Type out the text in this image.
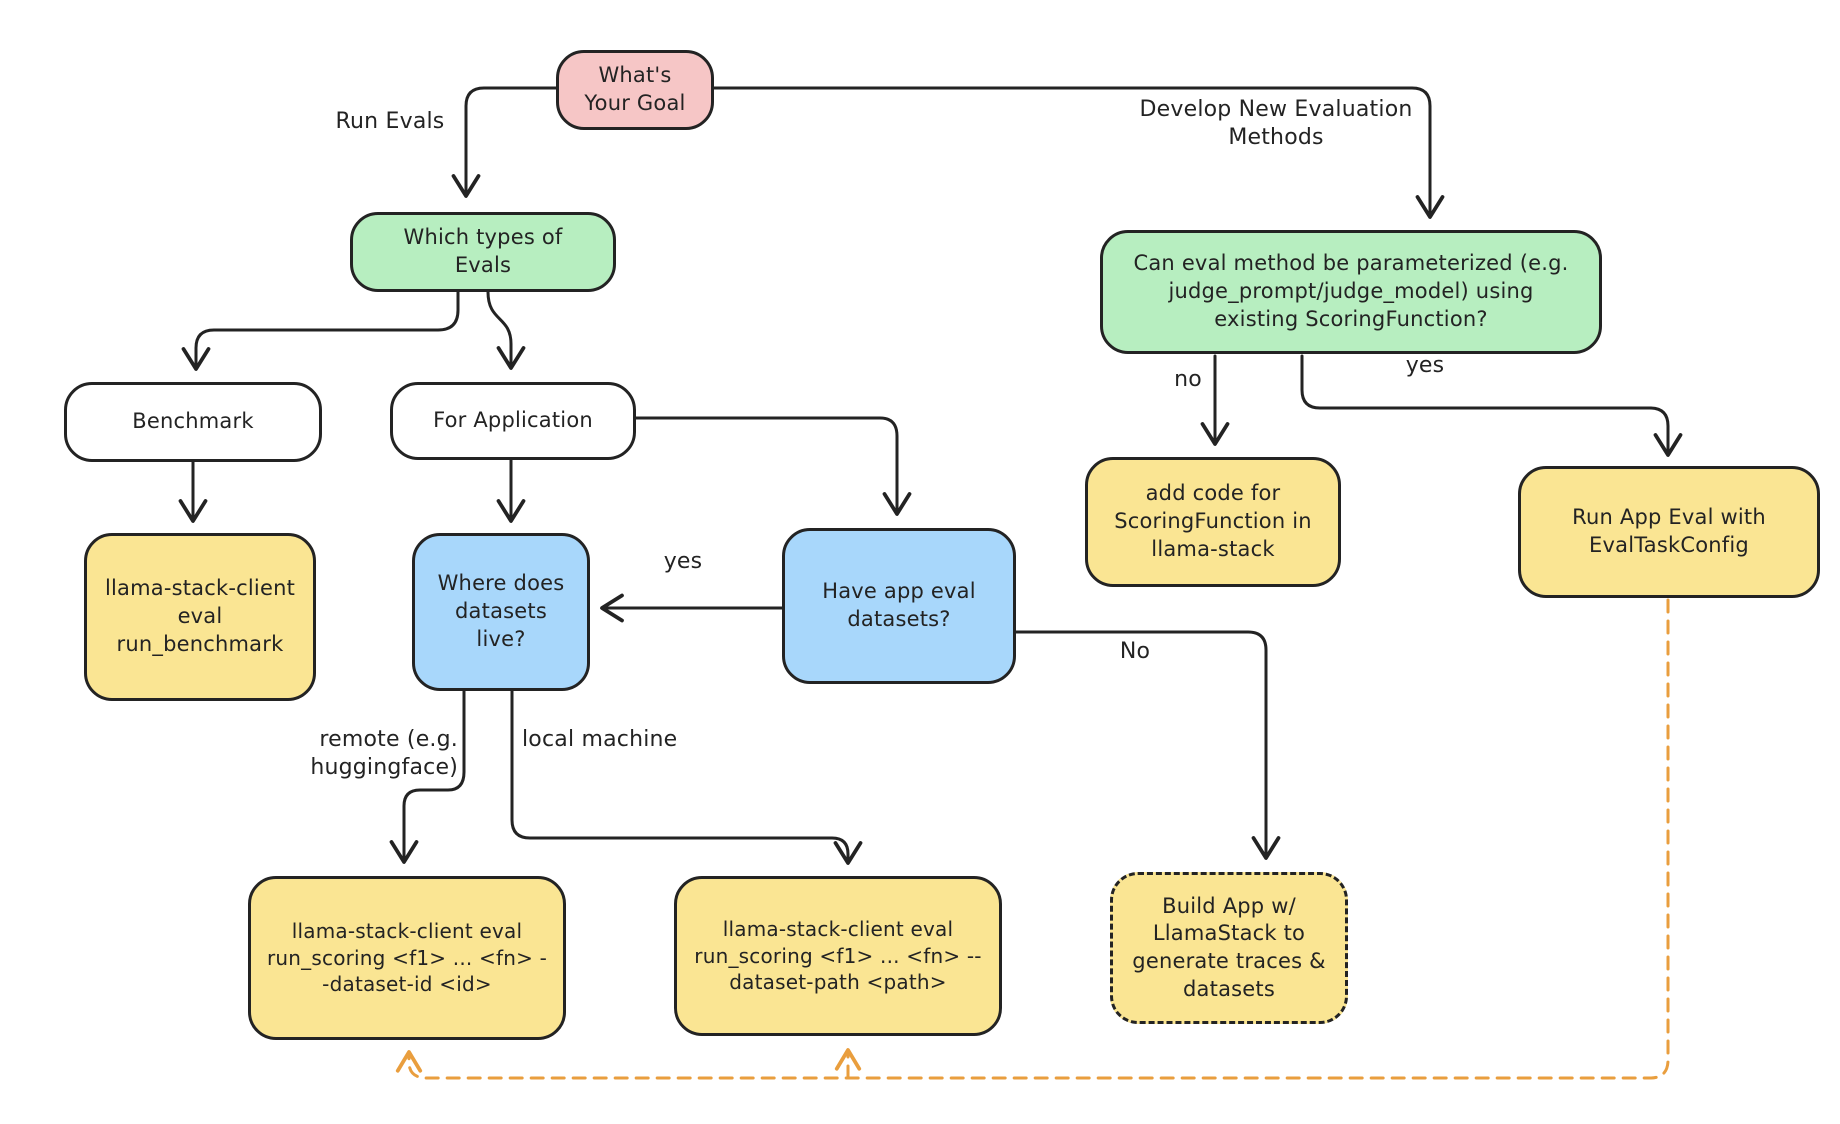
What's Your Goal
Which types of Evals	Can eval method be parameterized (e.g. judge_prompt/judge_model) using existing ScoringFunction?
Benchmark	For Application
llama-stack-client eval run_benchmark
Where does datasets live?
Have app eval datasets?
add code for ScoringFunction in llama-stack
Run App Eval with EvalTaskConfig
llama-stack-client eval run_scoring <f1> ... <fn> --dataset-id <id>
llama-stack-client eval run_scoring <f1> ... <fn> --dataset-path <path>
Build App w/ LlamaStack to generate traces & datasets
Run Evals	Develop New Evaluation Methods
yes
No
remote (e.g. huggingface)
local machine
no
yes
